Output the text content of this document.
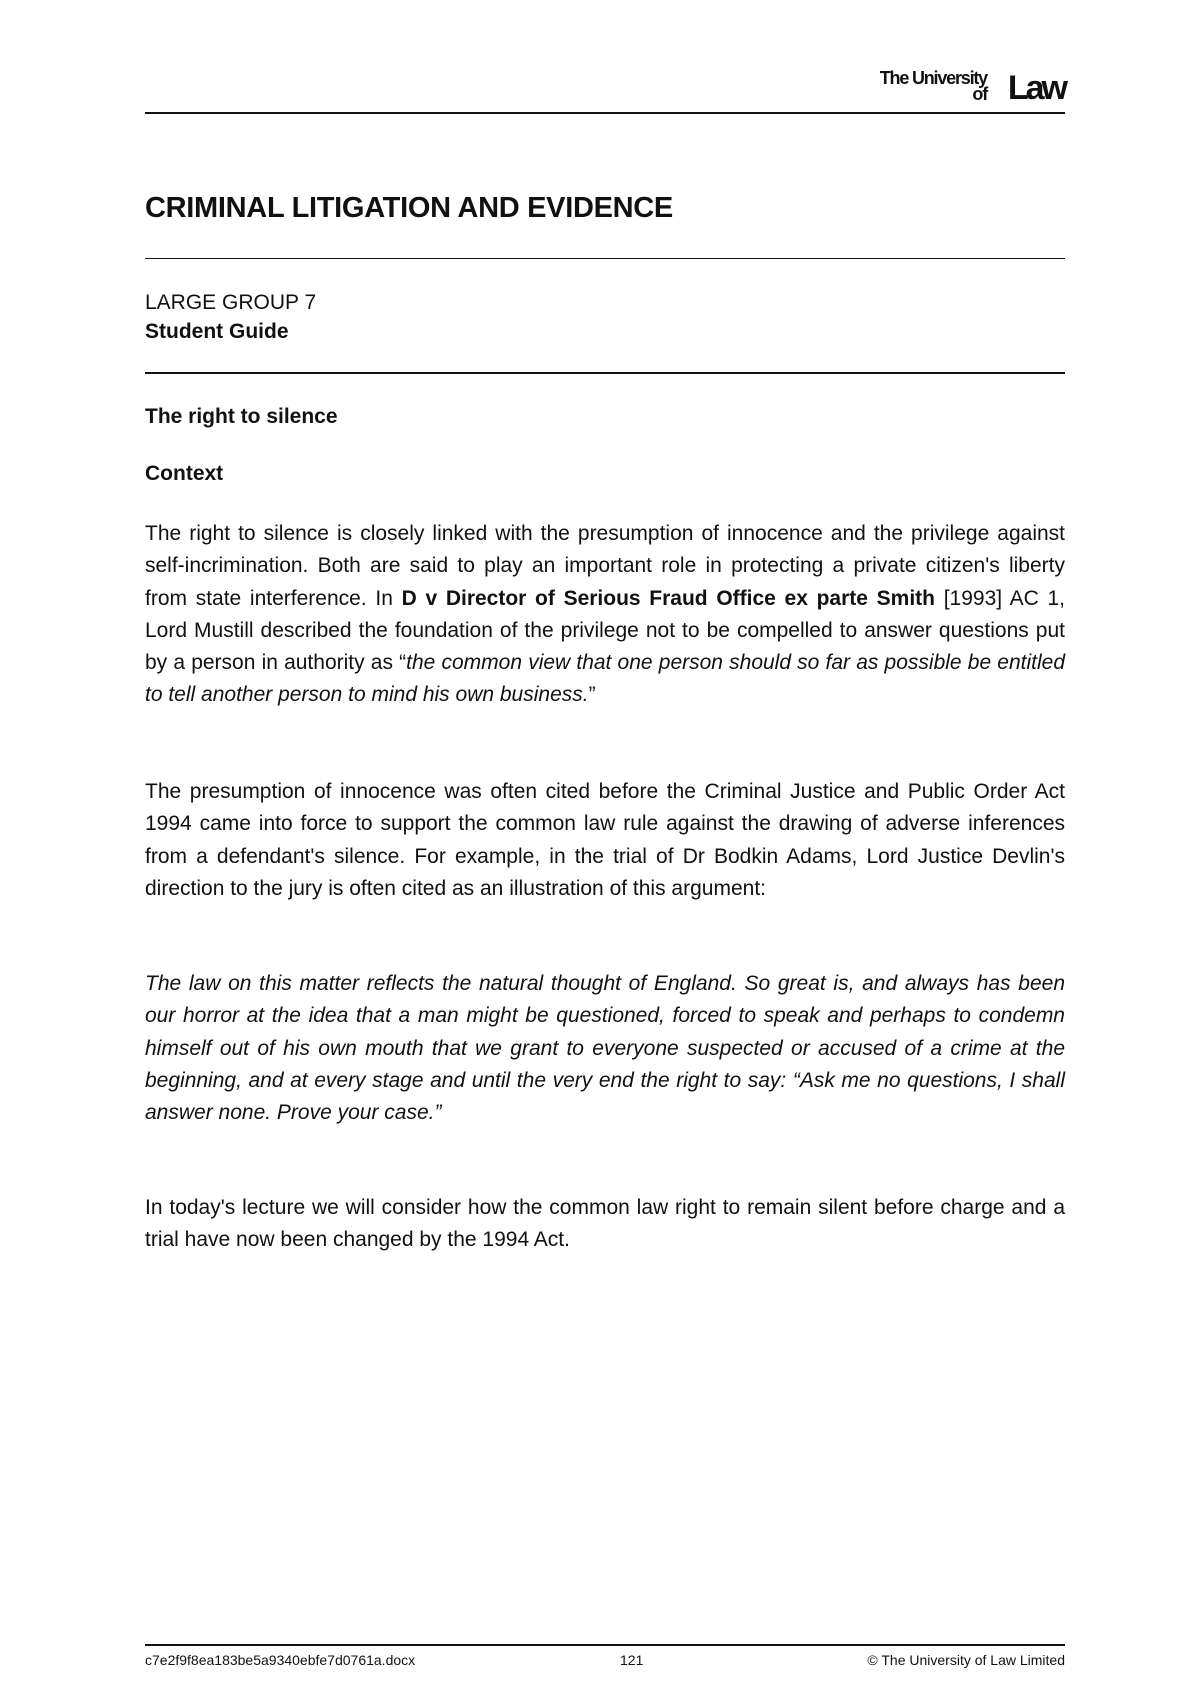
The University
of Law
CRIMINAL LITIGATION AND EVIDENCE

LARGE GROUP 7

Student Guide

The right to silence
Context

The right to silence is closely linked with the presumption of innocence and the privilege against self-incrimination. Both are said to play an important role in protecting a private citizen's liberty from state interference. In D v Director of Serious Fraud Office ex parte Smith [1993] AC 1, Lord Mustill described the foundation of the privilege not to be compelled to answer questions put by a person in authority as “the common view that one person should so far as possible be entitled to tell another person to mind his own business.”

The presumption of innocence was often cited before the Criminal Justice and Public Order Act 1994 came into force to support the common law rule against the drawing of adverse inferences from a defendant's silence. For example, in the trial of Dr Bodkin Adams, Lord Justice Devlin's direction to the jury is often cited as an illustration of this argument:

The law on this matter reflects the natural thought of England. So great is, and always has been our horror at the idea that a man might be questioned, forced to speak and perhaps to condemn himself out of his own mouth that we grant to everyone suspected or accused of a crime at the beginning, and at every stage and until the very end the right to say: “Ask me no questions, I shall answer none. Prove your case.”

In today's lecture we will consider how the common law right to remain silent before charge and a trial have now been changed by the 1994 Act.

c7e2f9f8ea183be5a9340ebfe7d0761a.docx	121	© The University of Law Limited
